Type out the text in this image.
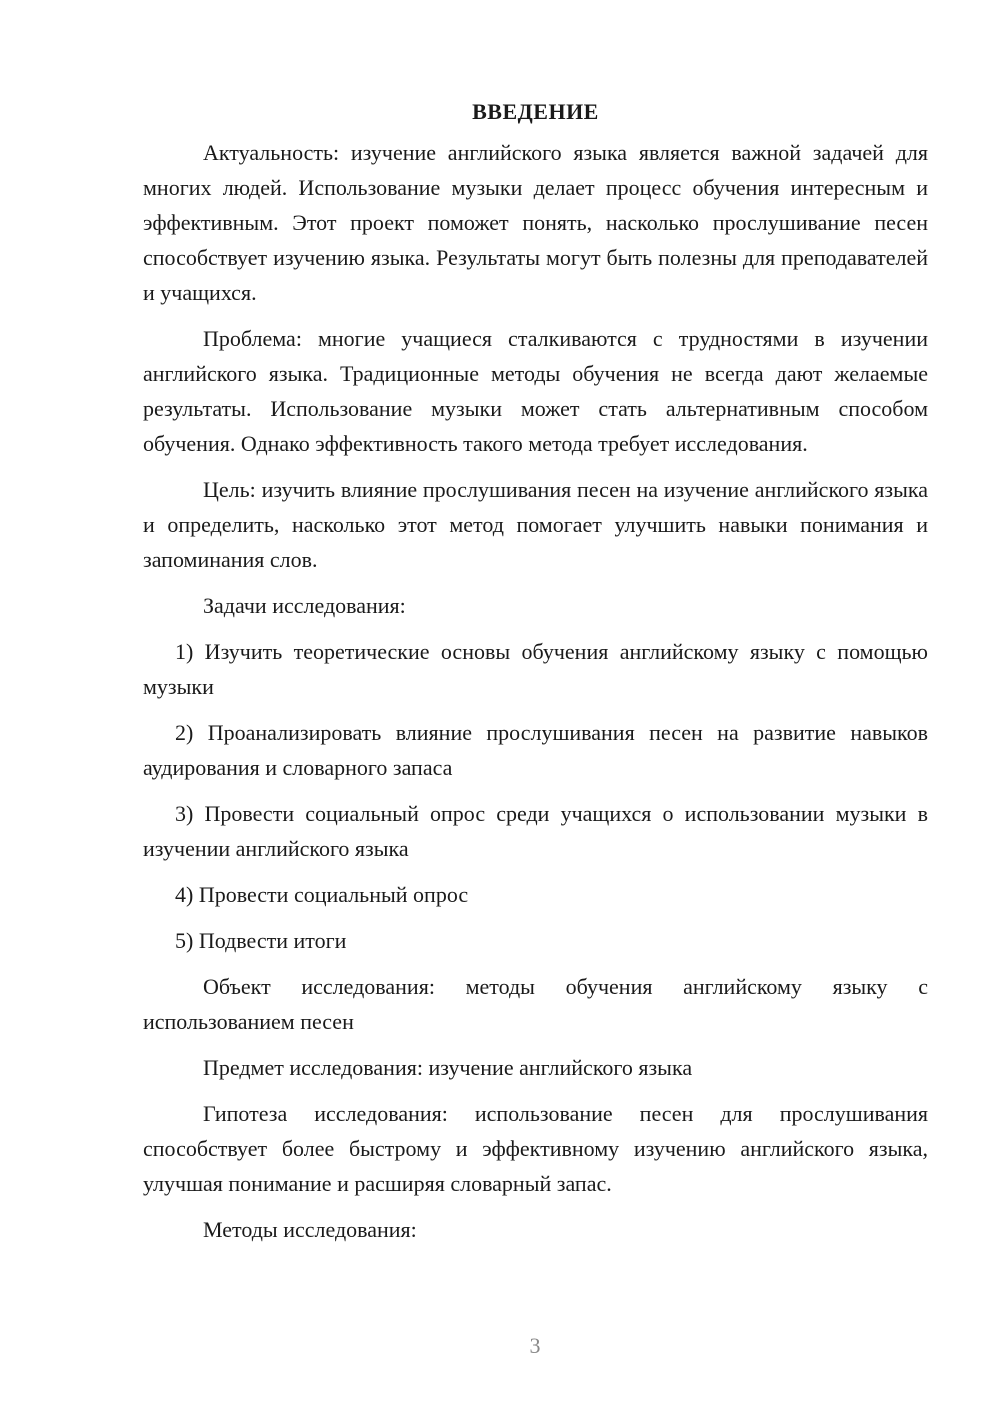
ВВЕДЕНИЕ

Актуальность: изучение английского языка является важной задачей для многих людей. Использование музыки делает процесс обучения интересным и эффективным. Этот проект поможет понять, насколько прослушивание песен способствует изучению языка. Результаты могут быть полезны для преподавателей и учащихся.

Проблема: многие учащиеся сталкиваются с трудностями в изучении английского языка. Традиционные методы обучения не всегда дают желаемые результаты. Использование музыки может стать альтернативным способом обучения. Однако эффективность такого метода требует исследования.

Цель: изучить влияние прослушивания песен на изучение английского языка и определить, насколько этот метод помогает улучшить навыки понимания и запоминания слов.

Задачи исследования:

1) Изучить теоретические основы обучения английскому языку с помощью музыки

2) Проанализировать влияние прослушивания песен на развитие навыков аудирования и словарного запаса

3) Провести социальный опрос среди учащихся о использовании музыки в изучении английского языка

4) Провести социальный опрос

5) Подвести итоги

Объект исследования: методы обучения английскому языку с использованием песен

Предмет исследования: изучение английского языка

Гипотеза исследования: использование песен для прослушивания способствует более быстрому и эффективному изучению английского языка, улучшая понимание и расширяя словарный запас.

Методы исследования:

3
